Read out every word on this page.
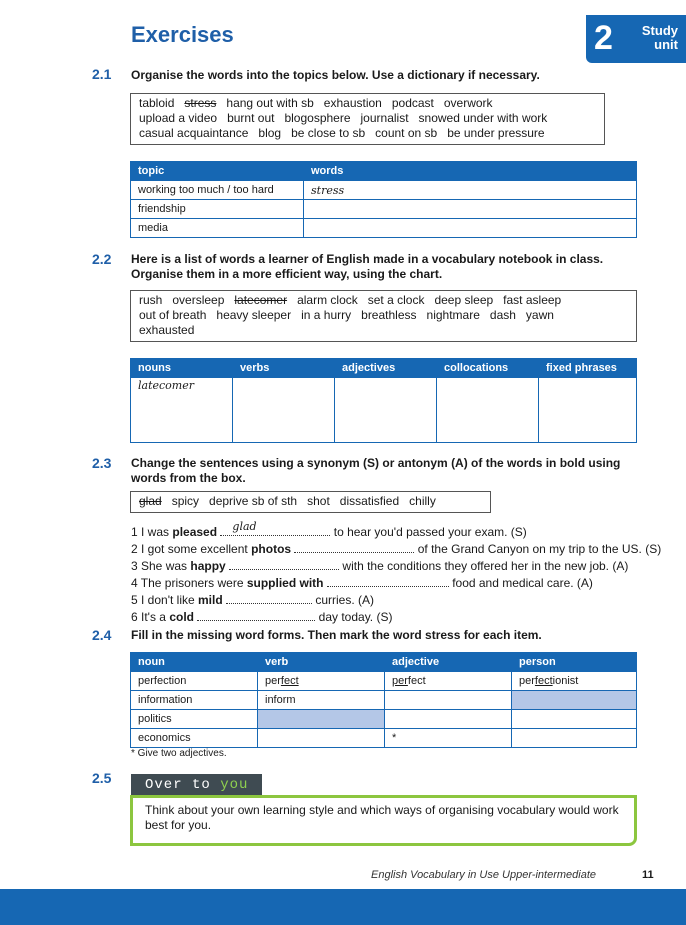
Exercises	2	Study
unit
2.1 Organise the words into the topics below. Use a dictionary if necessary.
tabloid stress hang out with sb exhaustion podcast overwork
upload a video burnt out blogosphere journalist snowed under with work
casual acquaintance blog be close to sb count on sb be under pressure
topic	words
working too much / too hard	stress
friendship	
media	
2.2 Here is a list of words a learner of English made in a vocabulary notebook in class. Organise them in a more efficient way, using the chart.
rush oversleep latecomer alarm clock set a clock deep sleep fast asleep
out of breath heavy sleeper in a hurry breathless nightmare dash yawn
exhausted
nouns	verbs	adjectives	collocations	fixed phrases
latecomer				
2.3 Change the sentences using a synonym (S) or antonym (A) of the words in bold using words from the box.
glad spicy deprive sb of sth shot dissatisfied chilly
1 I was pleased glad	to hear you'd passed your exam. (S)
2 I got some excellent photos	of the Grand Canyon on my trip to the US. (S)
3 She was happy	with the conditions they offered her in the new job. (A)
4 The prisoners were supplied with	food and medical care. (A)
5 I don't like mild	curries. (A)
6 It's a cold	day today. (S)
2.4 Fill in the missing word forms. Then mark the word stress for each item.
noun	verb	adjective	person
perfection	perfect	perfect	perfectionist
information	inform		
politics			
economics		*	
* Give two adjectives.
2.5	Over to you
Think about your own learning style and which ways of organising vocabulary would work best for you.
English Vocabulary in Use Upper-intermediate	11
